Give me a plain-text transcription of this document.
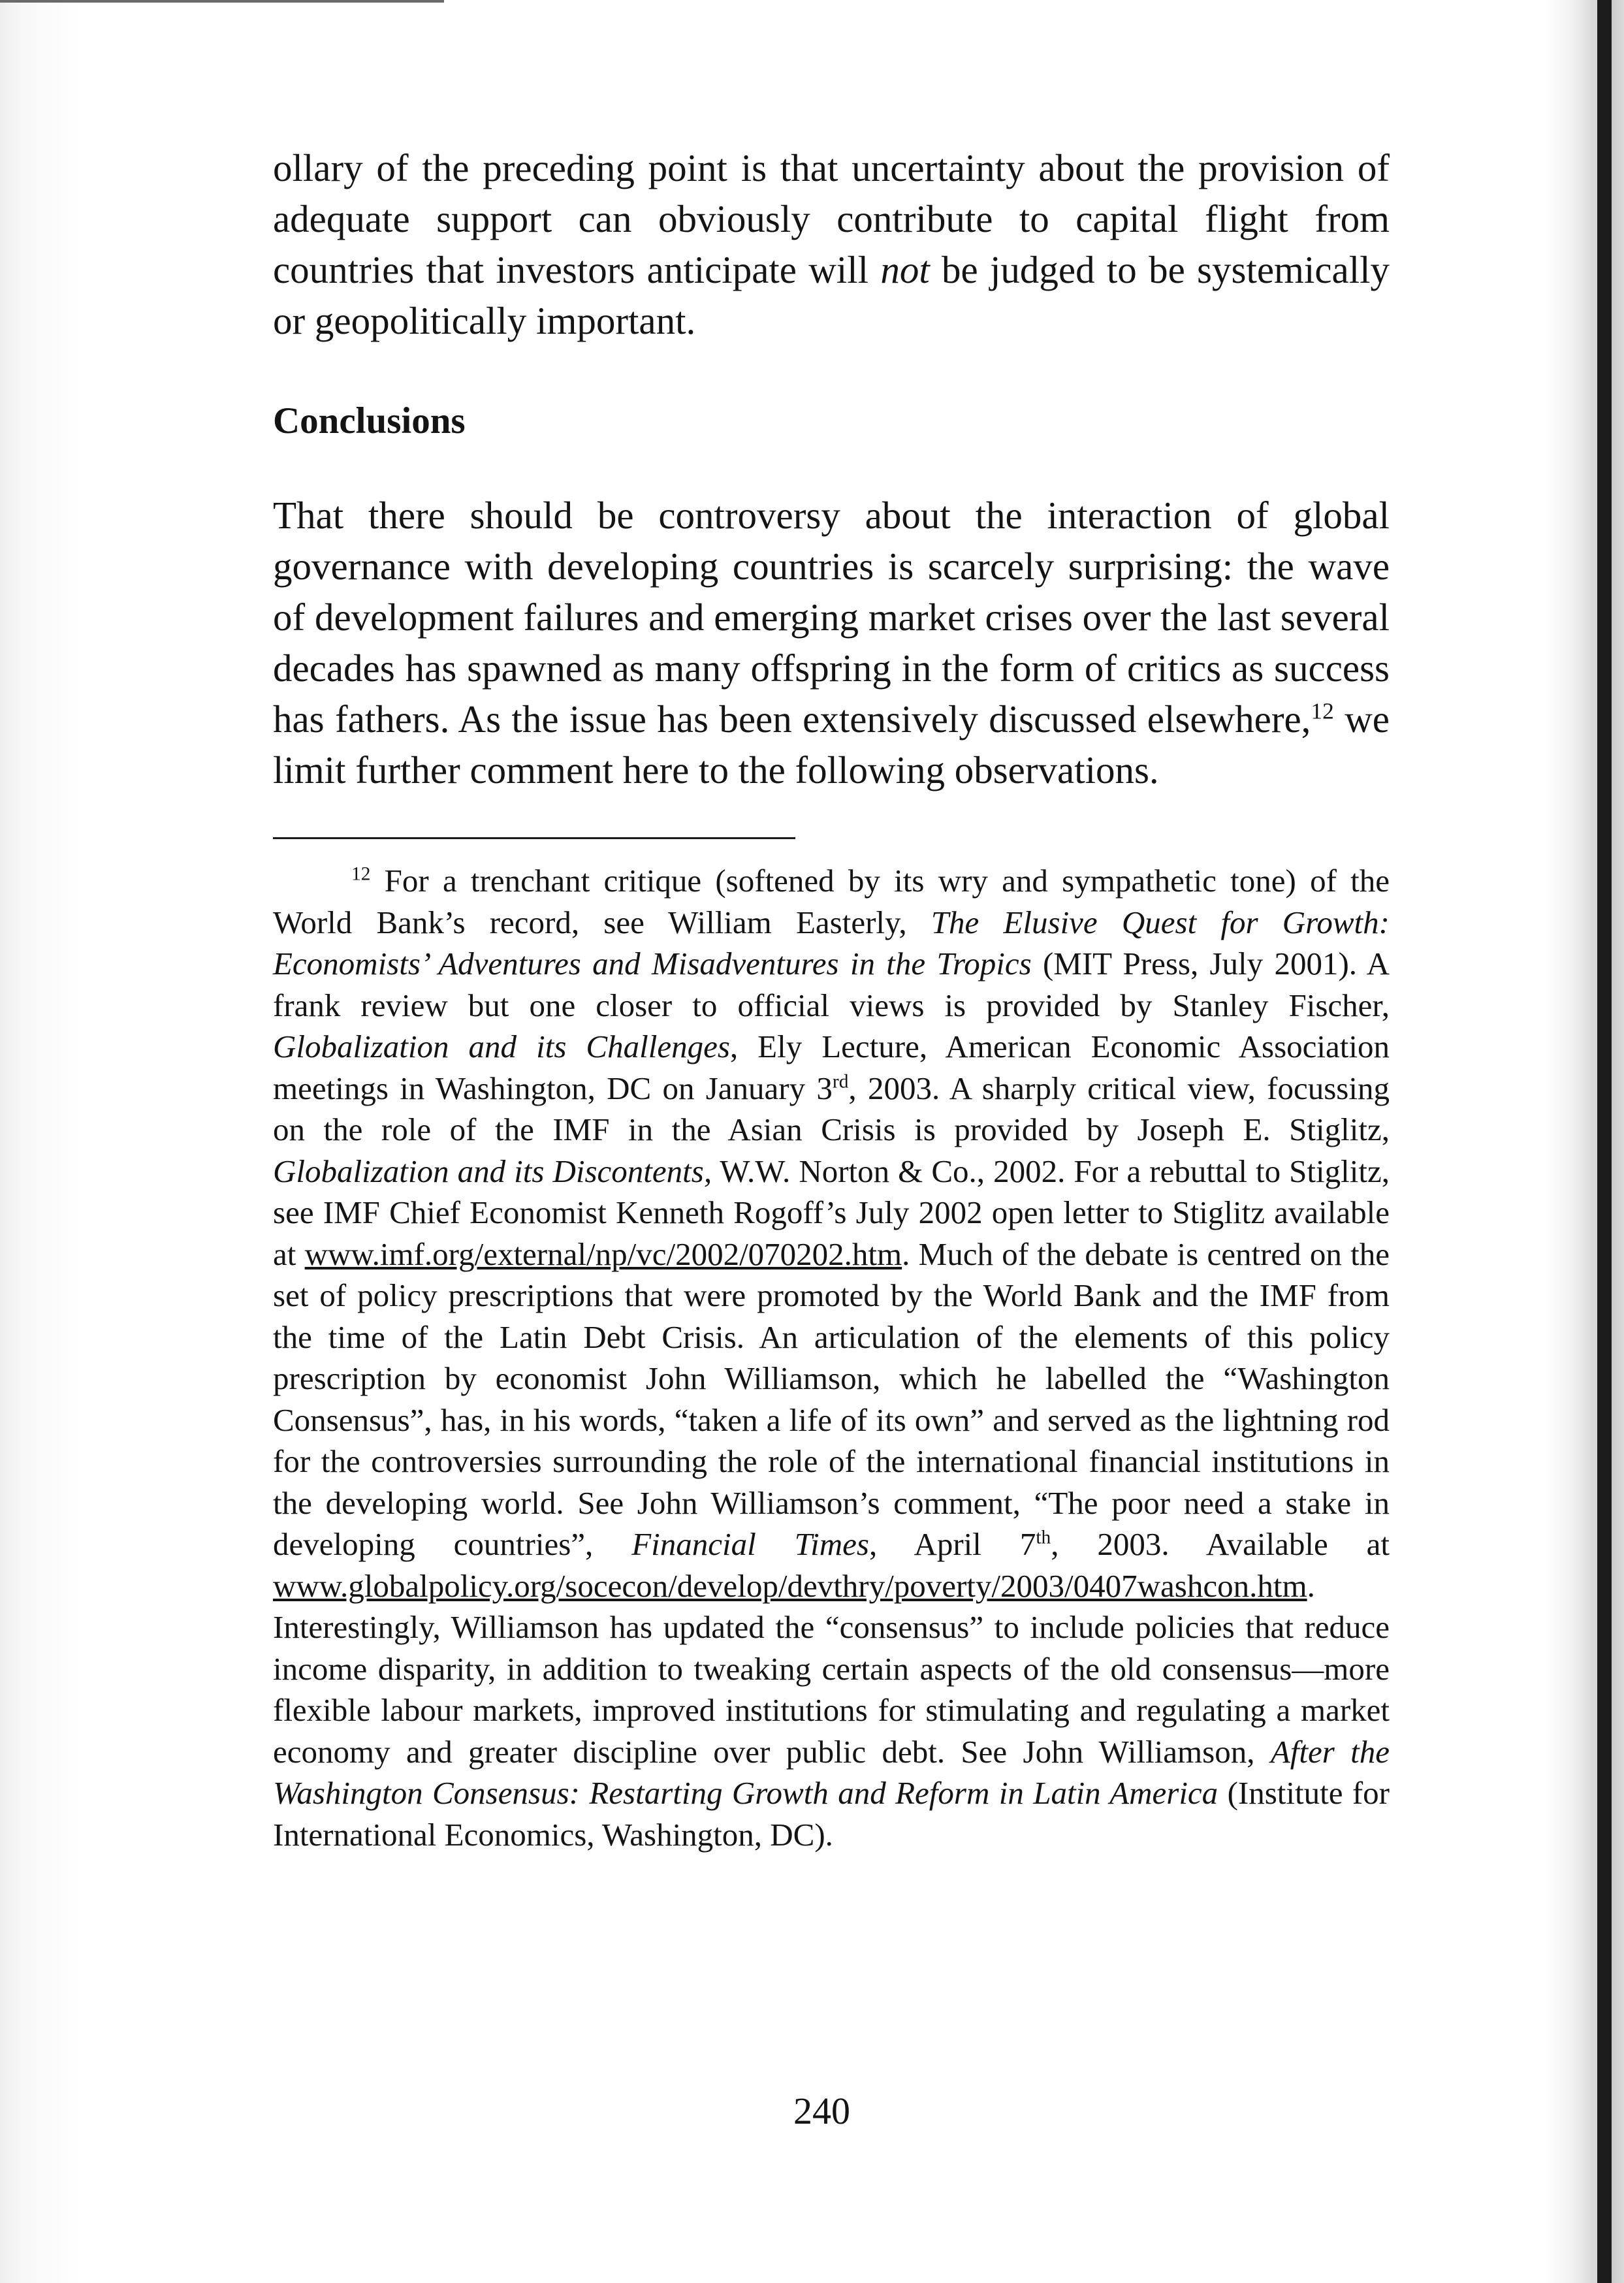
ollary of the preceding point is that uncertainty about the provision of adequate support can obviously contribute to capital flight from countries that investors anticipate will not be judged to be systemically or geopolitically important.

Conclusions

That there should be controversy about the interaction of global governance with developing countries is scarcely surprising: the wave of development failures and emerging market crises over the last several decades has spawned as many offspring in the form of critics as success has fathers. As the issue has been extensively discussed elsewhere,$^{12}$ we limit further comment here to the following observations.

$^{12}$ For a trenchant critique (softened by its wry and sympathetic tone) of the World Bank’s record, see William Easterly, The Elusive Quest for Growth: Economists’ Adventures and Misadventures in the Tropics (MIT Press, July 2001). A frank review but one closer to official views is provided by Stanley Fischer, Globalization and its Challenges, Ely Lecture, American Economic Association meetings in Washington, DC on January 3rd, 2003. A sharply critical view, focussing on the role of the IMF in the Asian Crisis is provided by Joseph E. Stiglitz, Globalization and its Discontents, W.W. Norton & Co., 2002. For a rebuttal to Stiglitz, see IMF Chief Economist Kenneth Rogoff’s July 2002 open letter to Stiglitz available at www.imf.org/external/np/vc/2002/070202.htm. Much of the debate is centred on the set of policy prescriptions that were promoted by the World Bank and the IMF from the time of the Latin Debt Crisis. An articulation of the elements of this policy prescription by economist John Williamson, which he labelled the “Washington Consensus”, has, in his words, “taken a life of its own” and served as the lightning rod for the controversies surrounding the role of the international financial institutions in the developing world. See John Williamson’s comment, “The poor need a stake in developing countries”, Financial Times, April 7th, 2003. Available at www.globalpolicy.org/socecon/develop/devthry/poverty/2003/0407washcon.htm. Interestingly, Williamson has updated the “consensus” to include policies that reduce income disparity, in addition to tweaking certain aspects of the old consensus—more flexible labour markets, improved institutions for stimulating and regulating a market economy and greater discipline over public debt. See John Williamson, After the Washington Consensus: Restarting Growth and Reform in Latin America (Institute for International Economics, Washington, DC).

240
